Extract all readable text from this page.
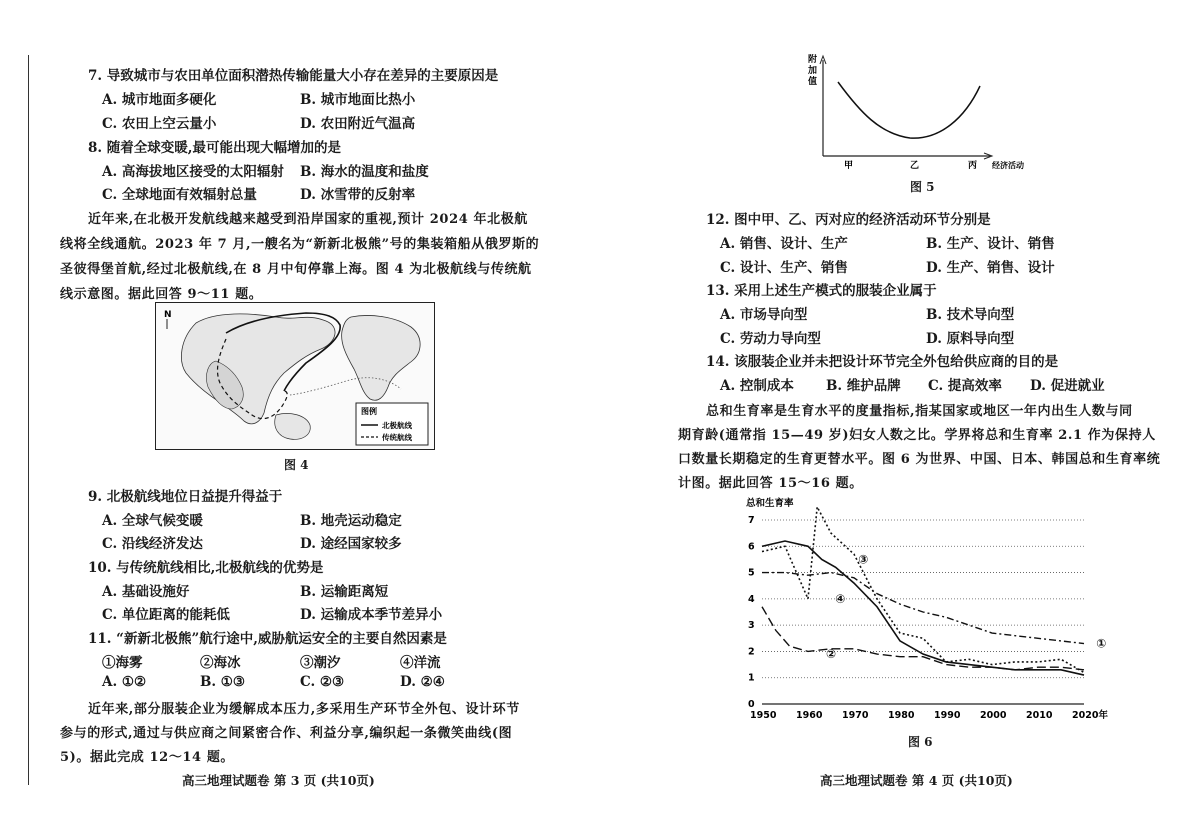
7. 导致城市与农田单位面积潜热传输能量大小存在差异的主要原因是
A. 城市地面多硬化	B. 城市地面比热小
C. 农田上空云量小	D. 农田附近气温高
8. 随着全球变暖,最可能出现大幅增加的是
A. 高海拔地区接受的太阳辐射 B. 海水的温度和盐度
C. 全球地面有效辐射总量	D. 冰雪带的反射率
近年来,在北极开发航线越来越受到沿岸国家的重视,预计 2024 年北极航
线将全线通航。2023 年 7 月,一艘名为“新新北极熊”号的集装箱船从俄罗斯的
圣彼得堡首航,经过北极航线,在 8 月中旬停靠上海。图 4 为北极航线与传统航
线示意图。据此回答 9～11 题。
N
图例
北极航线
传统航线
图 4
9. 北极航线地位日益提升得益于
A. 全球气候变暖	B. 地壳运动稳定
C. 沿线经济发达	D. 途经国家较多
10. 与传统航线相比,北极航线的优势是
A. 基础设施好	B. 运输距离短
C. 单位距离的能耗低	D. 运输成本季节差异小
11. “新新北极熊”航行途中,威胁航运安全的主要自然因素是
①海雾	②海冰	③潮汐	④洋流
A. ①②	B. ①③	C. ②③	D. ②④
近年来,部分服装企业为缓解成本压力,多采用生产环节全外包、设计环节
参与的形式,通过与供应商之间紧密合作、利益分享,编织起一条微笑曲线(图
5)。据此完成 12～14 题。
高三地理试题卷 第 3 页 (共10页)
附
加
值
甲	乙	丙 经济活动
图 5
12. 图中甲、乙、丙对应的经济活动环节分别是
A. 销售、设计、生产	B. 生产、设计、销售
C. 设计、生产、销售	D. 生产、销售、设计
13. 采用上述生产模式的服装企业属于
A. 市场导向型	B. 技术导向型
C. 劳动力导向型	D. 原料导向型
14. 该服装企业并未把设计环节完全外包给供应商的目的是
A. 控制成本 B. 维护品牌 C. 提高效率 D. 促进就业
总和生育率是生育水平的度量指标,指某国家或地区一年内出生人数与同
期育龄(通常指 15—49 岁)妇女人数之比。学界将总和生育率 2.1 作为保持人
口数量长期稳定的生育更替水平。图 6 为世界、中国、日本、韩国总和生育率统
计图。据此回答 15～16 题。
总和生育率
0
1
2
3
4
5
6
7
1950 1960 1970 1980 1990 2000 2010 2020年
①
②
③
④
图 6
高三地理试题卷 第 4 页 (共10页)
